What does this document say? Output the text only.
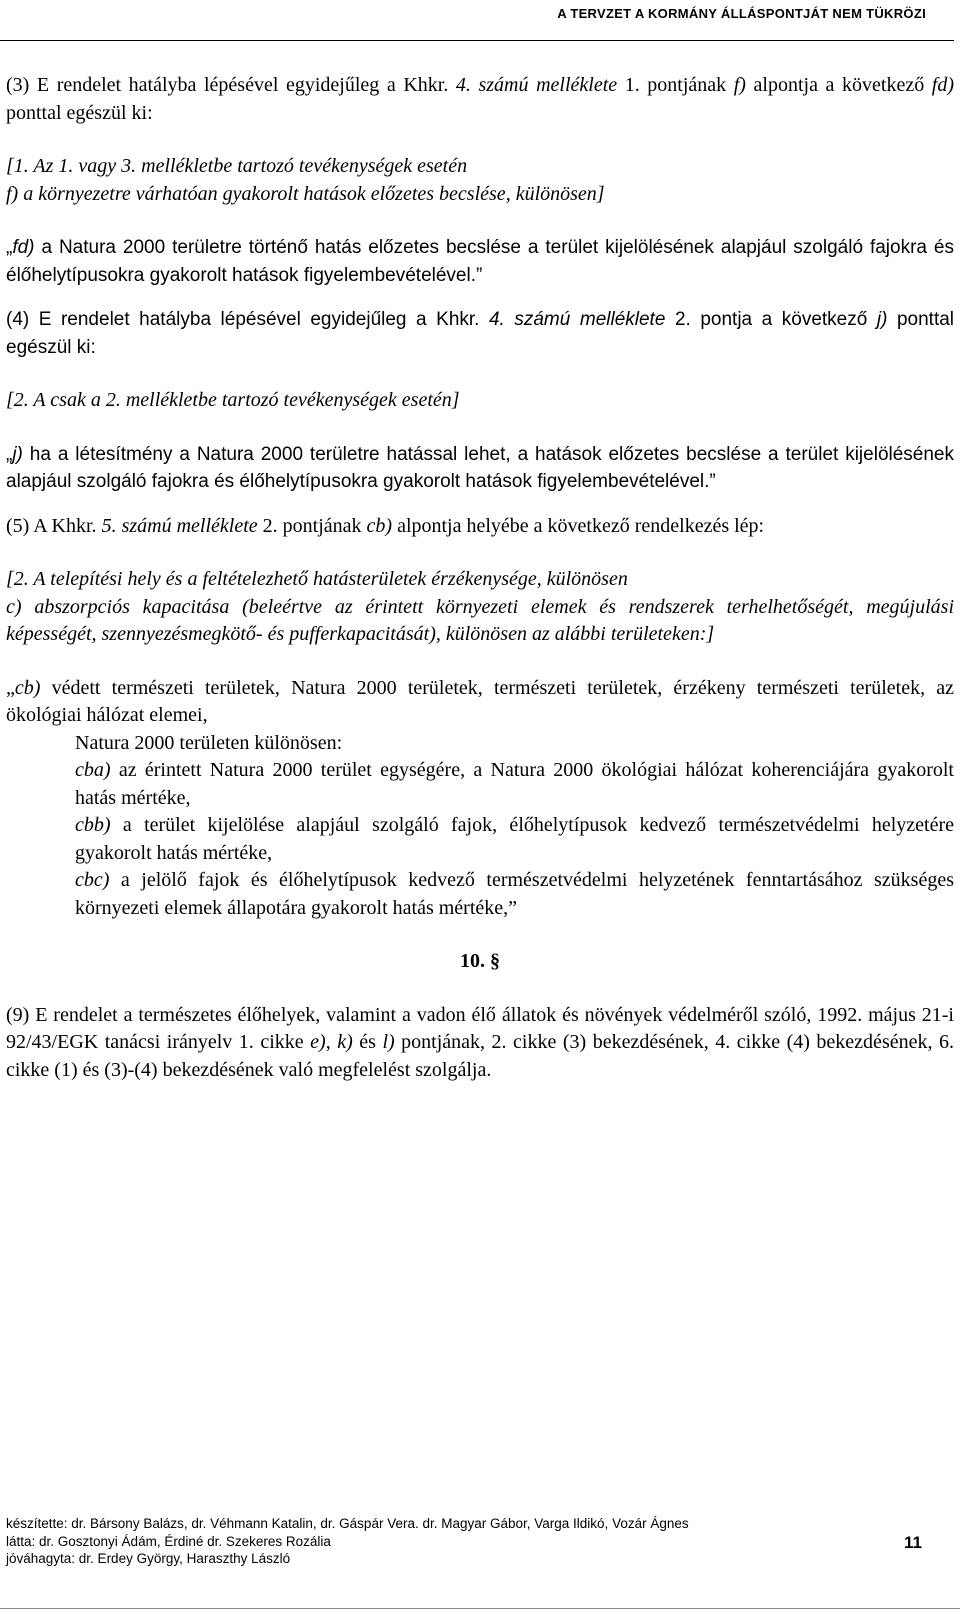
A TERVZET A KORMÁNY ÁLLÁSPONTJÁT NEM TÜKRÖZI

(3) E rendelet hatályba lépésével egyidejűleg a Khkr. 4. számú melléklete 1. pontjának f) alpontja a következő fd) ponttal egészül ki:

[1. Az 1. vagy 3. mellékletbe tartozó tevékenységek esetén

f) a környezetre várhatóan gyakorolt hatások előzetes becslése, különösen]

„fd) a Natura 2000 területre történő hatás előzetes becslése a terület kijelölésének alapjául szolgáló fajokra és élőhelytípusokra gyakorolt hatások figyelembevételével.”

(4) E rendelet hatályba lépésével egyidejűleg a Khkr. 4. számú melléklete 2. pontja a következő j) ponttal egészül ki:

[2. A csak a 2. mellékletbe tartozó tevékenységek esetén]

„j) ha a létesítmény a Natura 2000 területre hatással lehet, a hatások előzetes becslése a terület kijelölésének alapjául szolgáló fajokra és élőhelytípusokra gyakorolt hatások figyelembevételével.”

(5) A Khkr. 5. számú melléklete 2. pontjának cb) alpontja helyébe a következő rendelkezés lép:

[2. A telepítési hely és a feltételezhető hatásterületek érzékenysége, különösen

c) abszorpciós kapacitása (beleértve az érintett környezeti elemek és rendszerek terhelhetőségét, megújulási képességét, szennyezésmegkötő- és pufferkapacitását), különösen az alábbi területeken:]

„cb) védett természeti területek, Natura 2000 területek, természeti területek, érzékeny természeti területek, az ökológiai hálózat elemei,

Natura 2000 területen különösen:

cba) az érintett Natura 2000 terület egységére, a Natura 2000 ökológiai hálózat koherenciájára gyakorolt hatás mértéke,

cbb) a terület kijelölése alapjául szolgáló fajok, élőhelytípusok kedvező természetvédelmi helyzetére gyakorolt hatás mértéke,

cbc) a jelölő fajok és élőhelytípusok kedvező természetvédelmi helyzetének fenntartásához szükséges környezeti elemek állapotára gyakorolt hatás mértéke,”

10. §

(9) E rendelet a természetes élőhelyek, valamint a vadon élő állatok és növények védelméről szóló, 1992. május 21-i 92/43/EGK tanácsi irányelv 1. cikke e), k) és l) pontjának, 2. cikke (3) bekezdésének, 4. cikke (4) bekezdésének, 6. cikke (1) és (3)-(4) bekezdésének való megfelelést szolgálja.

készítette: dr. Bársony Balázs, dr. Véhmann Katalin, dr. Gáspár Vera. dr. Magyar Gábor, Varga Ildikó, Vozár Ágnes
látta: dr. Gosztonyi Ádám, Érdiné dr. Szekeres Rozália
jóváhagyta: dr. Erdey György, Haraszthy László
11
